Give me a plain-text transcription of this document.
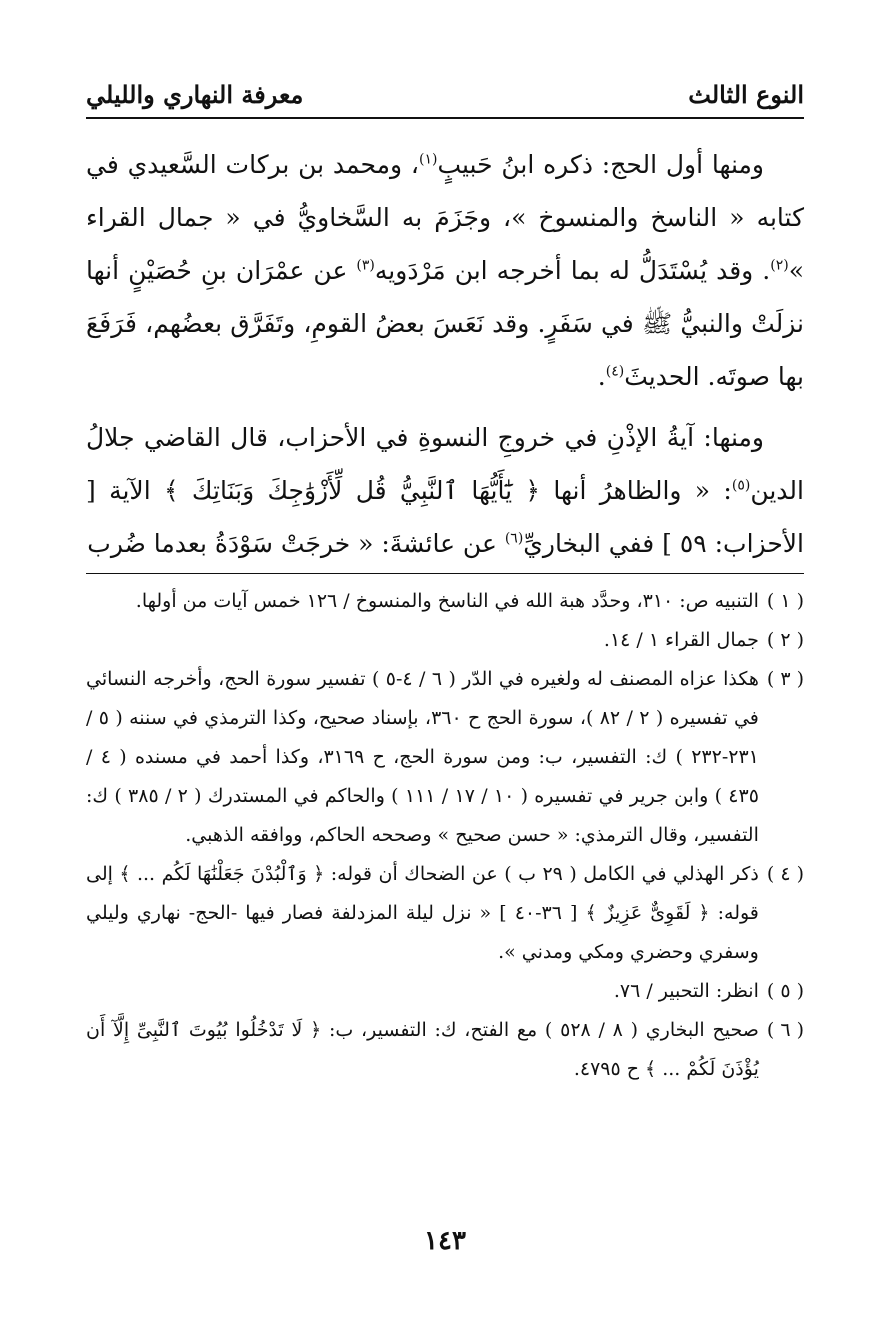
النوع الثالث
معرفة النهاري والليلي

ومنها أول الحج: ذكره ابنُ حَبيبٍ$^{(١)}$، ومحمد بن بركات السَّعيدي في كتابه « الناسخ والمنسوخ »، وجَزَمَ به السَّخاويُّ في « جمال القراء »$^{(٢)}$. وقد يُسْتَدَلُّ له بما أخرجه ابن مَرْدَويه$^{(٣)}$ عن عمْرَان بنِ حُصَيْنٍ أنها نزلَتْ والنبيُّ ﷺ في سَفَرٍ. وقد نَعَسَ بعضُ القومِ، وتَفَرَّق بعضُهم، فَرَفَعَ بها صوتَه. الحديثَ$^{(٤)}$.

ومنها: آيةُ الإذْنِ في خروجِ النسوةِ في الأحزاب، قال القاضي جلالُ الدين$^{(٥)}$: « والظاهرُ أنها ﴿ يَٰٓأَيُّهَا ٱلنَّبِيُّ قُل لِّأَزْوَٰجِكَ وَبَنَاتِكَ ﴾ الآية [ الأحزاب: ٥٩ ] ففي البخاريِّ$^{(٦)}$ عن عائشةَ: « خرجَتْ سَوْدَةُ بعدما ضُرب

( ١ )
التنبيه ص: ٣١٠، وحدَّد هبة الله في الناسخ والمنسوخ / ١٢٦ خمس آيات من أولها.
( ٢ )
جمال القراء ١ / ١٤.
( ٣ )
هكذا عزاه المصنف له ولغيره في الدّر ( ٦ / ٤-٥ ) تفسير سورة الحج، وأخرجه النسائي في تفسيره ( ٢ / ٨٢ )، سورة الحج ح ٣٦٠، بإسناد صحيح، وكذا الترمذي في سننه ( ٥ / ٢٣١-٢٣٢ ) ك: التفسير، ب: ومن سورة الحج، ح ٣١٦٩، وكذا أحمد في مسنده ( ٤ / ٤٣٥ ) وابن جرير في تفسيره ( ١٠ / ١٧ / ١١١ ) والحاكم في المستدرك ( ٢ / ٣٨٥ ) ك: التفسير، وقال الترمذي: « حسن صحيح » وصححه الحاكم، ووافقه الذهبي.
( ٤ )
ذكر الهذلي في الكامل ( ٢٩ ب ) عن الضحاك أن قوله: ﴿ وَٱلْبُدْنَ جَعَلْنَٰهَا لَكُم ... ﴾ إلى قوله: ﴿ لَقَوِىٌّ عَزِيزٌ ﴾ [ ٣٦-٤٠ ] « نزل ليلة المزدلفة فصار فيها -الحج- نهاري وليلي وسفري وحضري ومكي ومدني ».
( ٥ )
انظر: التحبير / ٧٦.
( ٦ )
صحيح البخاري ( ٨ / ٥٢٨ ) مع الفتح، ك: التفسير، ب: ﴿ لَا تَدْخُلُوا بُيُوتَ ٱلنَّبِىِّ إِلَّآ أَن يُؤْذَنَ لَكُمْ ... ﴾ ح ٤٧٩٥.
١٤٣
